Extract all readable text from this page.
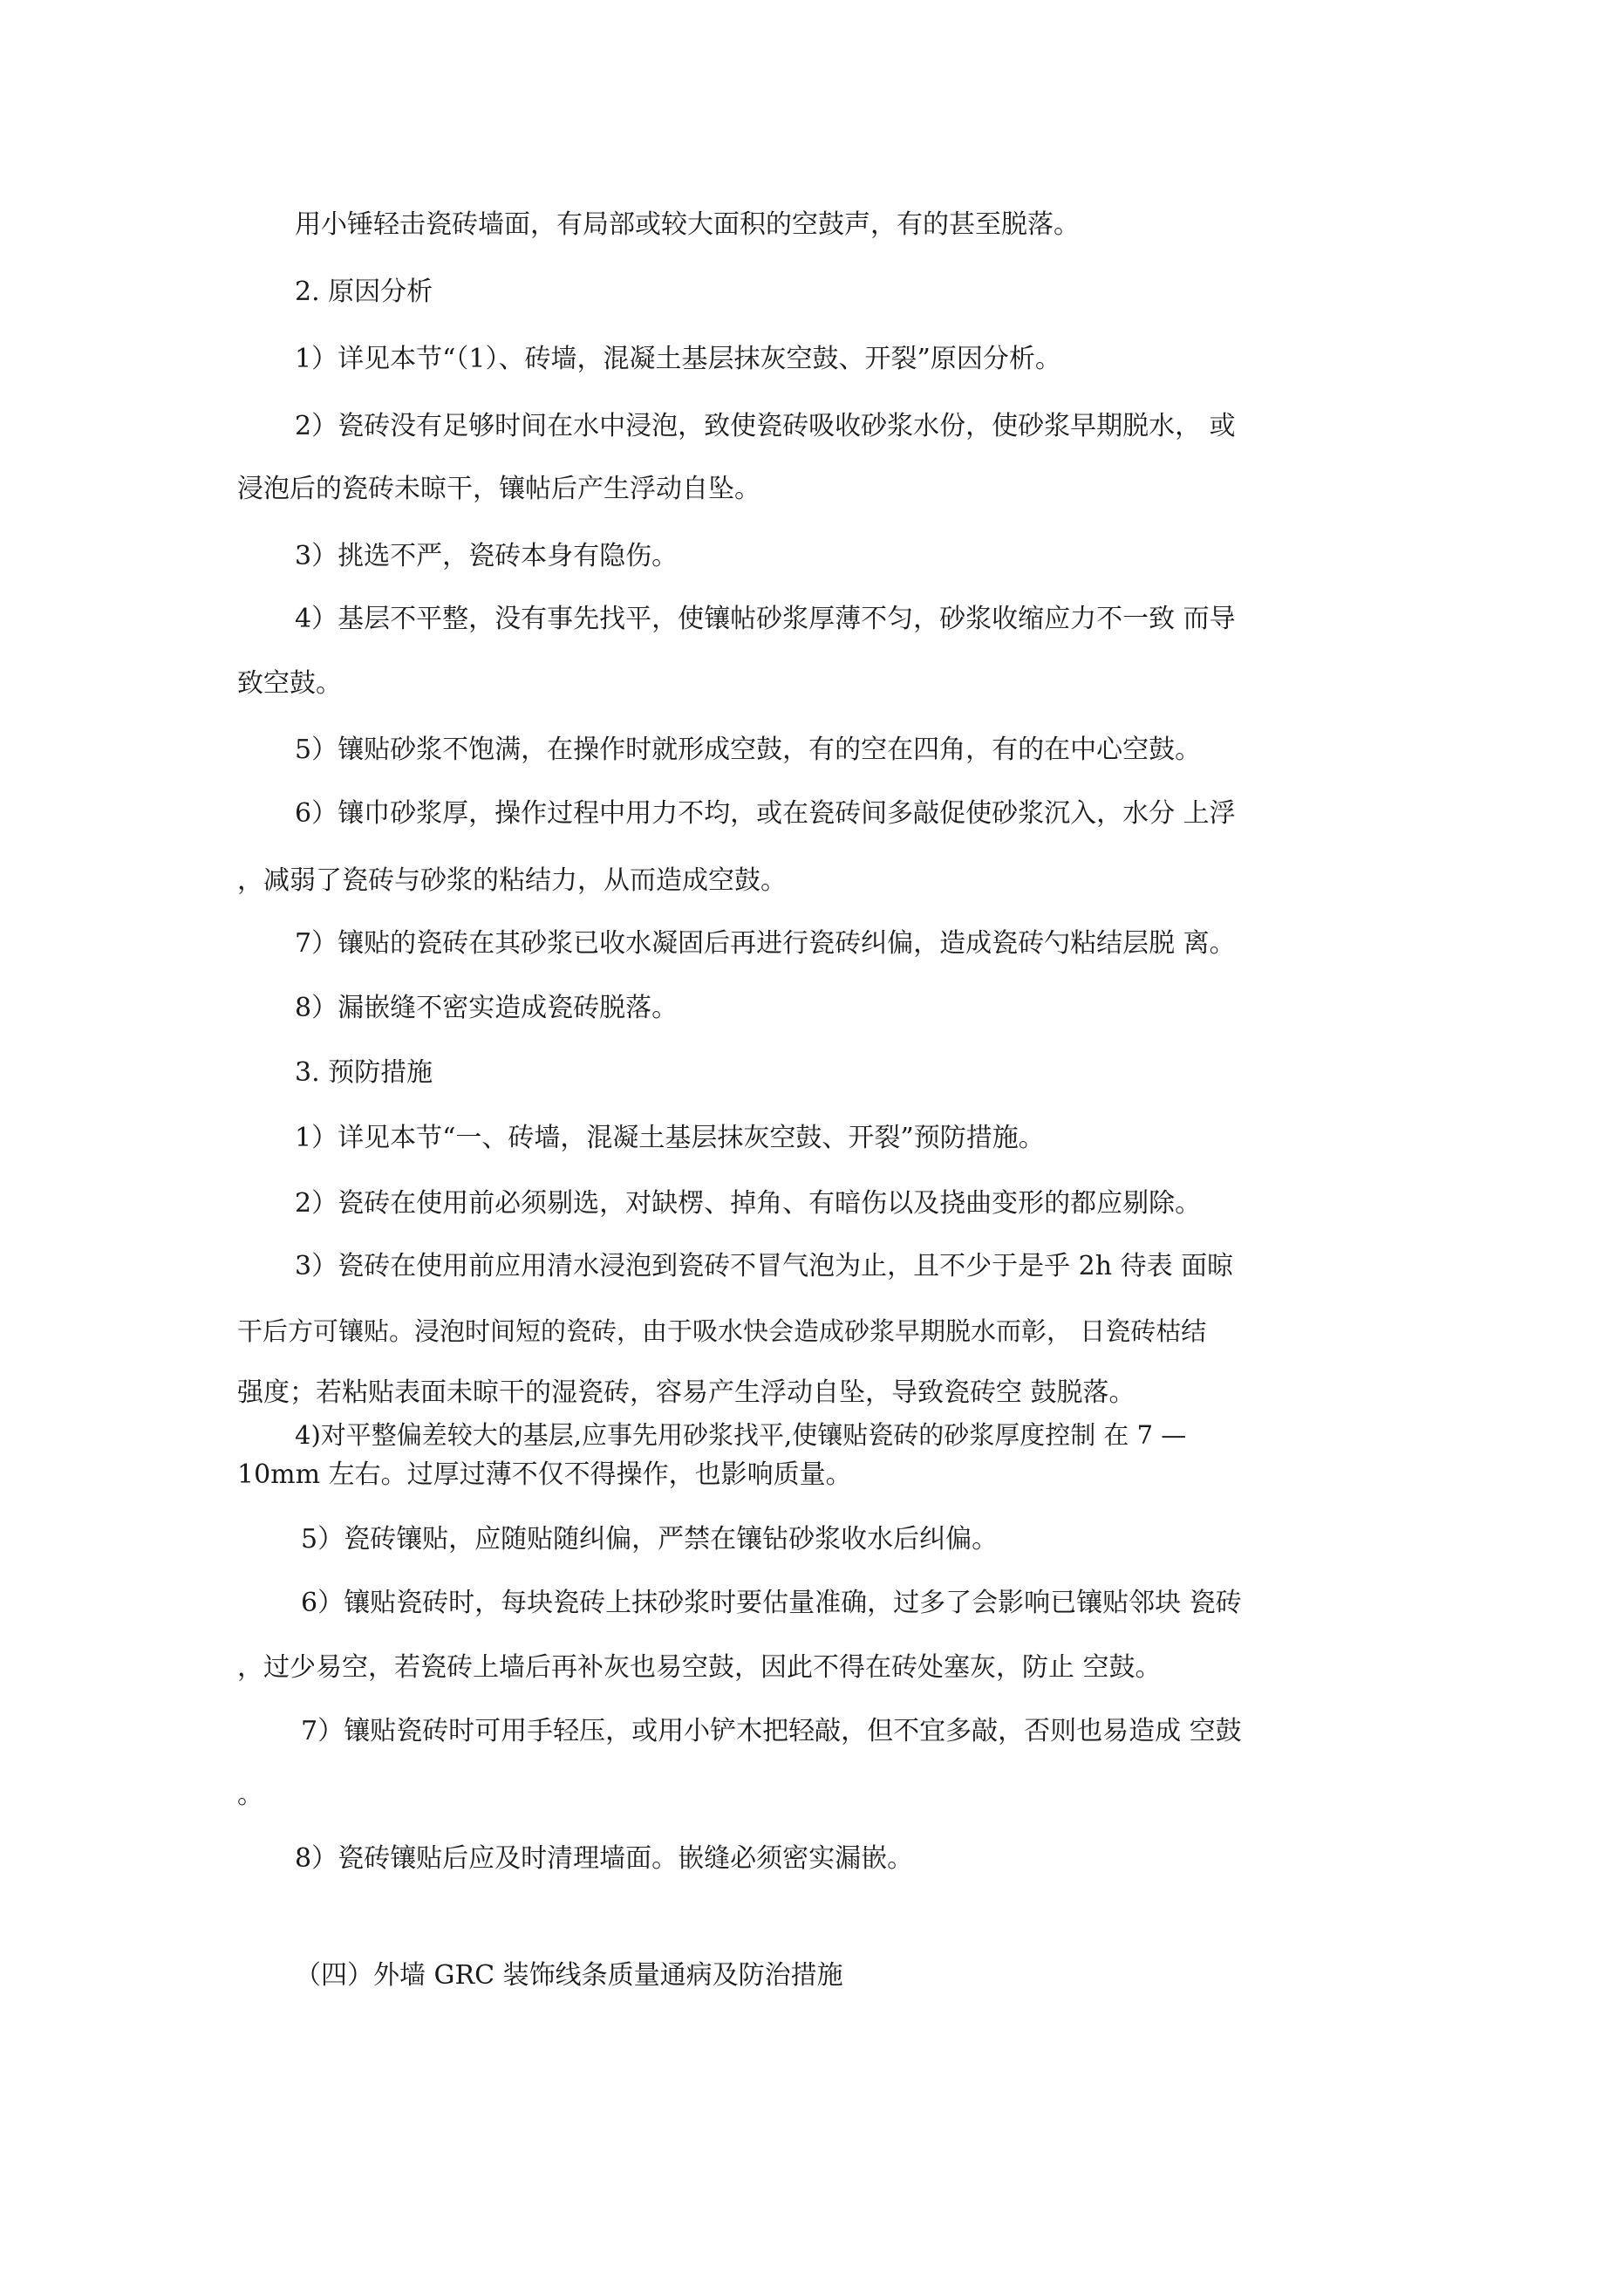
用小锤轻击瓷砖墙面，有局部或较大面积的空鼓声，有的甚至脱落。

2. 原因分析

1）详见本节“（1）、砖墙，混凝土基层抹灰空鼓、开裂”原因分析。

2）瓷砖没有足够时间在水中浸泡，致使瓷砖吸收砂浆水份，使砂浆早期脱水， 或

浸泡后的瓷砖未晾干，镶帖后产生浮动自坠。

3）挑选不严，瓷砖本身有隐伤。

4）基层不平整，没有事先找平，使镶帖砂浆厚薄不匀，砂浆收缩应力不一致 而导

致空鼓。

5）镶贴砂浆不饱满，在操作时就形成空鼓，有的空在四角，有的在中心空鼓。

6）镶巾砂浆厚，操作过程中用力不均，或在瓷砖间多敲促使砂浆沉入，水分 上浮

，减弱了瓷砖与砂浆的粘结力，从而造成空鼓。

7）镶贴的瓷砖在其砂浆已收水凝固后再进行瓷砖纠偏，造成瓷砖勺粘结层脱 离。

8）漏嵌缝不密实造成瓷砖脱落。

3. 预防措施

1）详见本节“一、砖墙，混凝土基层抹灰空鼓、开裂”预防措施。

2）瓷砖在使用前必须剔选，对缺楞、掉角、有暗伤以及挠曲变形的都应剔除。

3）瓷砖在使用前应用清水浸泡到瓷砖不冒气泡为止，且不少于是乎 2h 待表 面晾

干后方可镶贴。浸泡时间短的瓷砖，由于吸水快会造成砂浆早期脱水而彰， 日瓷砖枯结

强度；若粘贴表面未晾干的湿瓷砖，容易产生浮动自坠，导致瓷砖空 鼓脱落。

4)对平整偏差较大的基层,应事先用砂浆找平,使镶贴瓷砖的砂浆厚度控制 在 7 —

10mm 左右。过厚过薄不仅不得操作，也影响质量。

5）瓷砖镶贴，应随贴随纠偏，严禁在镶钻砂浆收水后纠偏。

6）镶贴瓷砖时，每块瓷砖上抹砂浆时要估量准确，过多了会影响已镶贴邻块 瓷砖

，过少易空，若瓷砖上墙后再补灰也易空鼓，因此不得在砖处塞灰，防止 空鼓。

7）镶贴瓷砖时可用手轻压，或用小铲木把轻敲，但不宜多敲，否则也易造成 空鼓

。

8）瓷砖镶贴后应及时清理墙面。嵌缝必须密实漏嵌。

（四）外墙 GRC 装饰线条质量通病及防治措施
